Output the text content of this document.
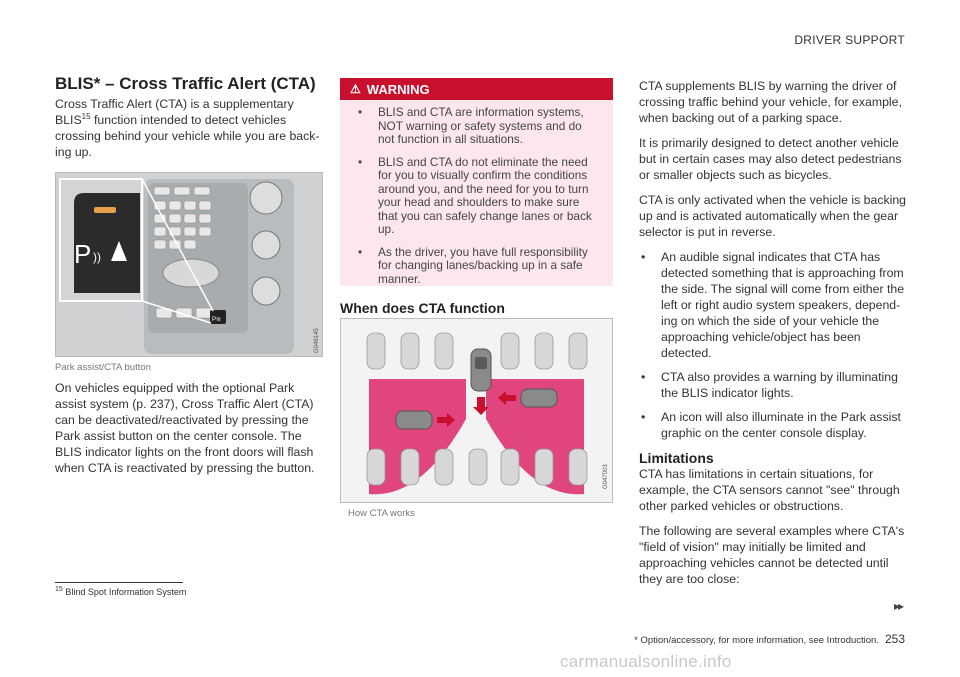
DRIVER SUPPORT
BLIS* – Cross Traffic Alert (CTA)
Cross Traffic Alert (CTA) is a supplementary BLIS$^{15}$ function intended to detect vehicles crossing behind your vehicle while you are back-ing up.
P≋
P ))
G046145
Park assist/CTA button
On vehicles equipped with the optional Park assist system (p. 237), Cross Traffic Alert (CTA) can be deactivated/reactivated by pressing the Park assist button on the center console. The BLIS indicator lights on the front doors will flash when CTA is reactivated by pressing the button.
⚠ WARNING
• BLIS and CTA are information systems, NOT warning or safety systems and do not function in all situations.
• BLIS and CTA do not eliminate the need for you to visually confirm the conditions around you, and the need for you to turn your head and shoulders to make sure that you can safely change lanes or back up.
• As the driver, you have full responsibility for changing lanes/backing up in a safe manner.
When does CTA function
G047003
How CTA works

CTA supplements BLIS by warning the driver of crossing traffic behind your vehicle, for example, when backing out of a parking space.

It is primarily designed to detect another vehicle but in certain cases may also detect pedestrians or smaller objects such as bicycles.

CTA is only activated when the vehicle is backing up and is activated automatically when the gear selector is put in reverse.

• An audible signal indicates that CTA has detected something that is approaching from the side. The signal will come from either the left or right audio system speakers, depend-ing on which the side of your vehicle the approaching vehicle/object has been detected.
• CTA also provides a warning by illuminating the BLIS indicator lights.
• An icon will also illuminate in the Park assist graphic on the center console display.
Limitations

CTA has limitations in certain situations, for example, the CTA sensors cannot "see" through other parked vehicles or obstructions.

The following are several examples where CTA's "field of vision" may initially be limited and approaching vehicles cannot be detected until they are too close:

$^{15}$ Blind Spot Information System
▸▸
* Option/accessory, for more information, see Introduction. 253
carmanualsonline.info
